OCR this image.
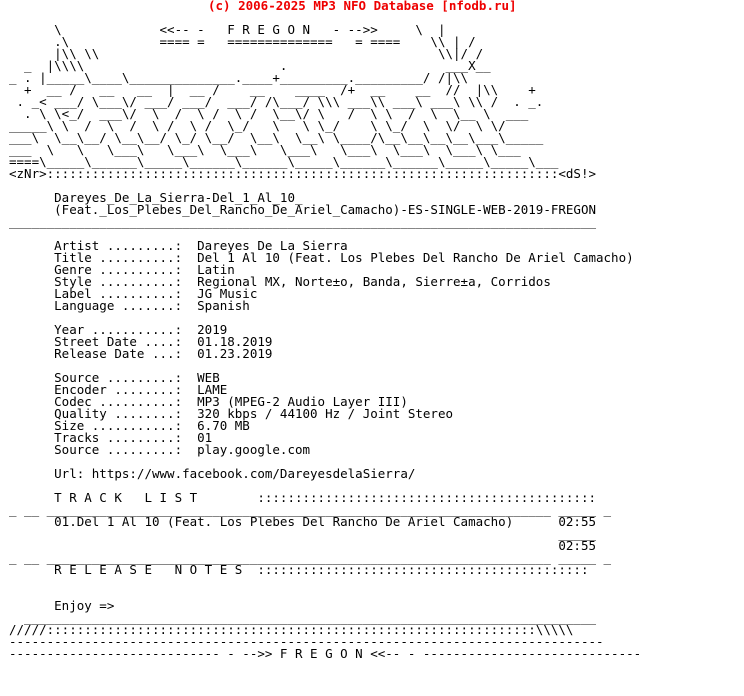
(c) 2006-2025 MP3 NFO Database [nfodb.ru]
\             <<-- -   F R E G O N   - -->>     \  |
.\            ==== =   ==============   = ====    \\ | /
|\\ \\                                             \\|/ /
_  |\\\\                          .                     ___X__
_ . |_____\____\______________.____+_________._________/ /|\\
+  __ /   __   __  |  __ /    __    ____  /+  __    __  //  |\\    +
. _< ___/ \___\/ ___/ ___/  ___/ /\___/ \\\ ___\\ ___\ ___\ \\ /  . _.
. \ \<_/  ___\/  \  /  \ /  \ /  \__\/ \   /  \ \  /  \  \__ \  ___
_____\ \  /  \  /  \ /  \ /  \_/   \   \ \_/    \ \_/  \  \/  \ \/
___\  \__\__/ \__\__/ \_/ \__/  \__\  \__\ \____/\__\__\__\__\___\_____
___  \   \   \___\   \___\  \___\   \___\   \___\  \___\  \___\ \___
====\_____\______\_____\______\______\_____\______\______\_____\_____\___
<zNr>::::::::::::::::::::::::::::::::::::::::::::::::::::::::::::::::::::<dS!>
Dareyes_De_La_Sierra-Del_1_Al_10_
(Feat._Los_Plebes_Del_Rancho_De_Ariel_Camacho)-ES-SINGLE-WEB-2019-FREGON
______________________________________________________________________________
Artist .........:  Dareyes De La Sierra
Title ..........:  Del 1 Al 10 (Feat. Los Plebes Del Rancho De Ariel Camacho)
Genre ..........:  Latin
Style ..........:  Regional MX, Norte±o, Banda, Sierre±a, Corridos
Label ..........:  JG Music
Language .......:  Spanish
Year ...........:  2019
Street Date ....:  01.18.2019
Release Date ...:  01.23.2019
Source .........:  WEB
Encoder ........:  LAME
Codec ..........:  MP3 (MPEG-2 Audio Layer III)
Quality ........:  320 kbps / 44100 Hz / Joint Stereo
Size ...........:  6.70 MB
Tracks .........:  01
Source .........:  play.google.com
Url: https://www.facebook.com/DareyesdelaSierra/
T R A C K   L I S T        :::::::::::::::::::::::::::::::::::::::::::::
_ __ ___________________________________________________________________ _____ _
01.Del 1 Al 10 (Feat. Los Plebes Del Rancho De Ariel Camacho)      02:55
_____
02:55
_ __ ___________________________________________________________________ _____ _
R E L E A S E   N O T E S  ::::::::::::::::::::::::::::::::::::::::::::
Enjoy =>
____________________________________________________________________________
/////:::::::::::::::::::::::::::::::::::::::::::::::::::::::::::::::::\\\\\
-------------------------------------------------------------------------------
---------------------------- - -->> F R E G O N <<-- - -----------------------------
